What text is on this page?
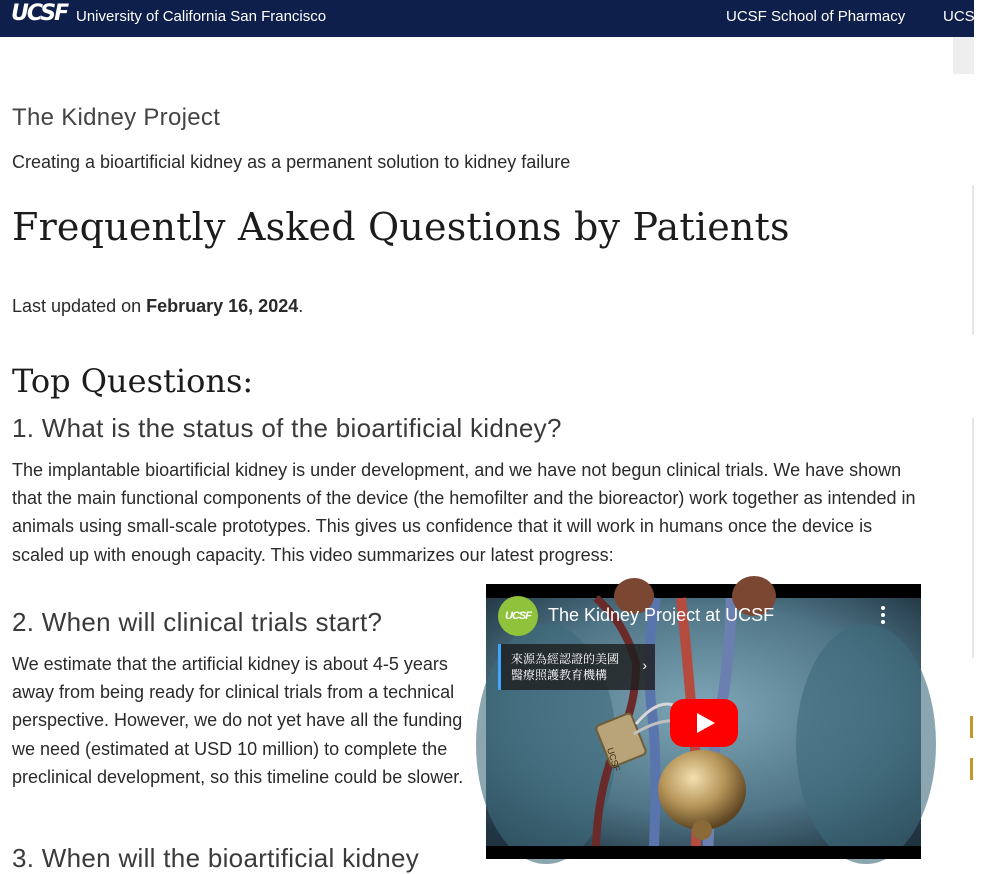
UCSF University of California San Francisco	UCSF School of Pharmacy	UCSF
The Kidney Project
Creating a bioartificial kidney as a permanent solution to kidney failure
Frequently Asked Questions by Patients
Last updated on February 16, 2024.
Top Questions:
1. What is the status of the bioartificial kidney?

The implantable bioartificial kidney is under development, and we have not begun clinical trials. We have shown that the main functional components of the device (the hemofilter and the bioreactor) work together as intended in animals using small-scale prototypes. This gives us confidence that it will work in humans once the device is scaled up with enough capacity. This video summarizes our latest progress:

2. When will clinical trials start?

We estimate that the artificial kidney is about 4-5 years away from being ready for clinical trials from a technical perspective. However, we do not yet have all the funding we need (estimated at USD 10 million) to complete the preclinical development, so this timeline could be slower.

3. When will the bioartificial kidney
UCSF
UCSF The Kidney Project at UCSF
來源為經認證的美國
醫療照護教育機構
›
